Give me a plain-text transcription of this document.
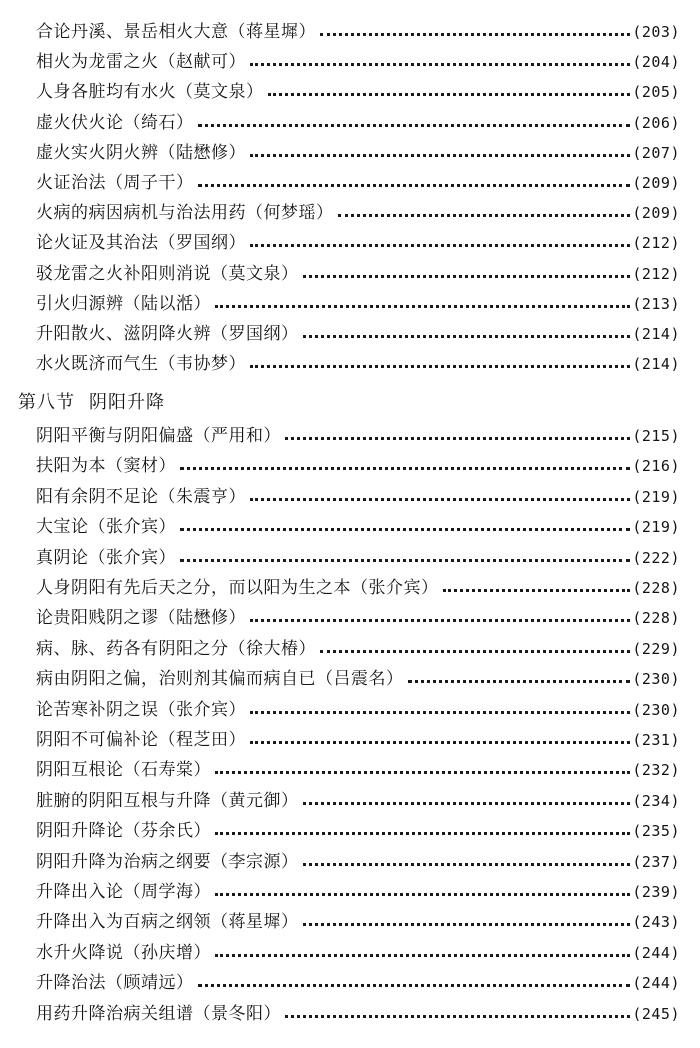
合论丹溪、景岳相火大意（蒋星墀）	(203)
相火为龙雷之火（赵献可）	(204)
人身各脏均有水火（莫文泉）	(205)
虚火伏火论（绮石）	(206)
虚火实火阴火辨（陆懋修）	(207)
火证治法（周子干）	(209)
火病的病因病机与治法用药（何梦瑶）	(209)
论火证及其治法（罗国纲）	(212)
驳龙雷之火补阳则消说（莫文泉）	(212)
引火归源辨（陆以湉）	(213)
升阳散火、滋阴降火辨（罗国纲）	(214)
水火既济而气生（韦协梦）	(214)
第八节 阴阳升降
阴阳平衡与阴阳偏盛（严用和）	(215)
扶阳为本（窦材）	(216)
阳有余阴不足论（朱震亨）	(219)
大宝论（张介宾）	(219)
真阴论（张介宾）	(222)
人身阴阳有先后天之分，而以阳为生之本（张介宾）	(228)
论贵阳贱阴之谬（陆懋修）	(228)
病、脉、药各有阴阳之分（徐大椿）	(229)
病由阴阳之偏，治则剂其偏而病自已（吕震名）	(230)
论苦寒补阴之误（张介宾）	(230)
阴阳不可偏补论（程芝田）	(231)
阴阳互根论（石寿棠）	(232)
脏腑的阴阳互根与升降（黄元御）	(234)
阴阳升降论（芬余氏）	(235)
阴阳升降为治病之纲要（李宗源）	(237)
升降出入论（周学海）	(239)
升降出入为百病之纲领（蒋星墀）	(243)
水升火降说（孙庆增）	(244)
升降治法（顾靖远）	(244)
用药升降治病关组谱（景冬阳）	(245)
